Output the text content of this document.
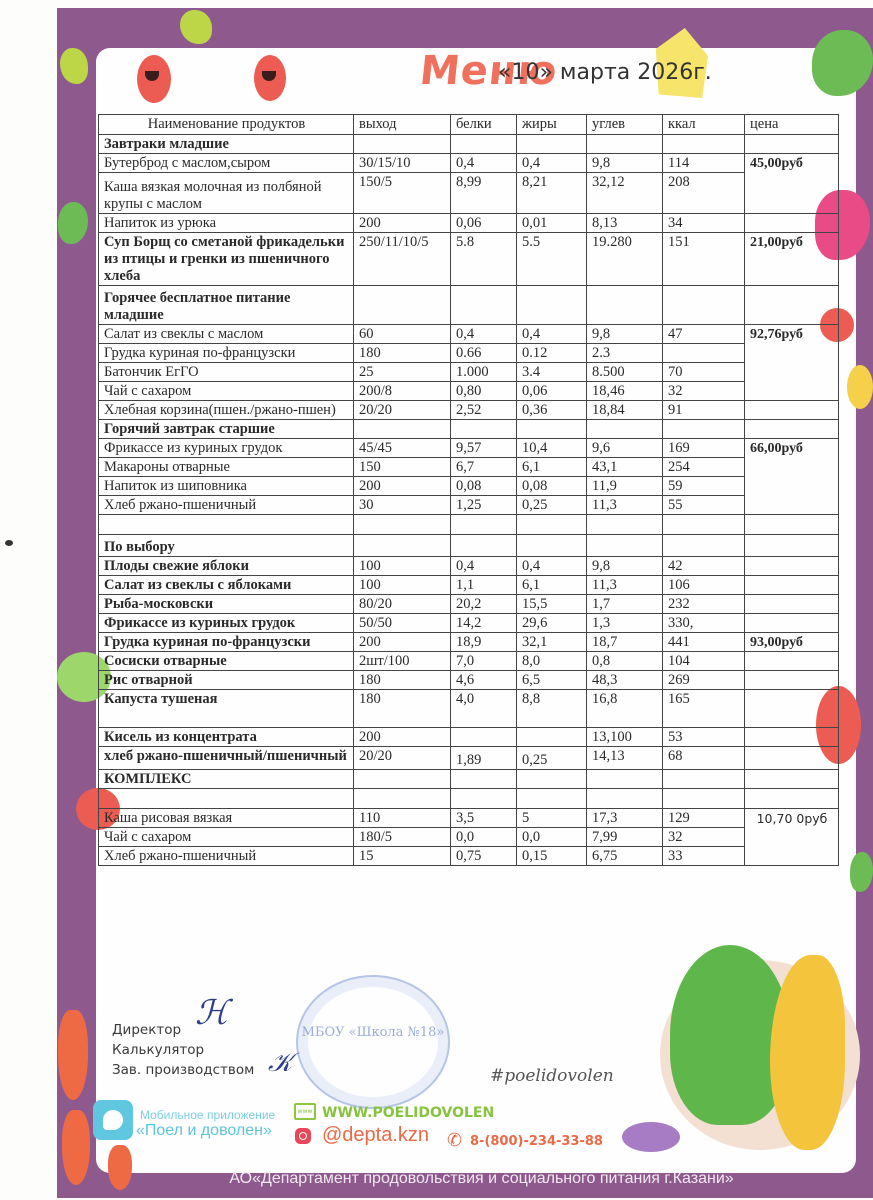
Меню
«10» марта 2026г.
Наименование продуктов	выход	белки	жиры	углев	ккал	цена
Завтраки младшие						
Бутерброд с маслом,сыром	30/15/10	0,4	0,4	9,8	114	45,00руб
Каша вязкая молочная из полбяной крупы с маслом	150/5	8,99	8,21	32,12	208	
Напиток из урюка	200	0,06	0,01	8,13	34	
Суп Борщ со сметаной фрикадельки из птицы и гренки из пшеничного хлеба	250/11/10/5	5.8	5.5	19.280	151	21,00руб
Горячее бесплатное питание младшие						
Салат из свеклы с маслом	60	0,4	0,4	9,8	47	92,76руб
Грудка куриная по-французски	180	0.66	0.12	2.3		
Батончик ЕгГО	25	1.000	3.4	8.500	70	
Чай с сахаром	200/8	0,80	0,06	18,46	32	
Хлебная корзина(пшен./ржано-пшен)	20/20	2,52	0,36	18,84	91	
Горячий завтрак старшие						
Фрикассе из куриных грудок	45/45	9,57	10,4	9,6	169	66,00руб
Макароны отварные	150	6,7	6,1	43,1	254	
Напиток из шиповника	200	0,08	0,08	11,9	59	
Хлеб ржано-пшеничный	30	1,25	0,25	11,3	55	

По выбору						
Плоды свежие яблоки	100	0,4	0,4	9,8	42	
Салат из свеклы с яблоками	100	1,1	6,1	11,3	106	
Рыба-московски	80/20	20,2	15,5	1,7	232	
Фрикассе из куриных грудок	50/50	14,2	29,6	1,3	330,	
Грудка куриная по-французски	200	18,9	32,1	18,7	441	93,00руб
Сосиски отварные	2шт/100	7,0	8,0	0,8	104	
Рис отварной	180	4,6	6,5	48,3	269	
Капуста тушеная	180	4,0	8,8	16,8	165	
Кисель из концентрата	200			13,100	53	
хлеб ржано-пшеничный/пшеничный	20/20	1,89	0,25	14,13	68	
КОМПЛЕКС						

Каша рисовая вязкая	110	3,5	5	17,3	129	10,70 0руб
Чай с сахаром	180/5	0,0	0,0	7,99	32	
Хлеб ржано-пшеничный	15	0,75	0,15	6,75	33	
МБОУ «Школа №18»
Директор
Калькулятор
Зав. производством
ℋ
𝒦	#poelidovolen
Мобильное приложение
«Поел и доволен»
www WWW.POELIDOVOLEN
@depta.kzn ✆ 8-(800)-234-33-88
АО«Департамент продовольствия и социального питания г.Казани»
